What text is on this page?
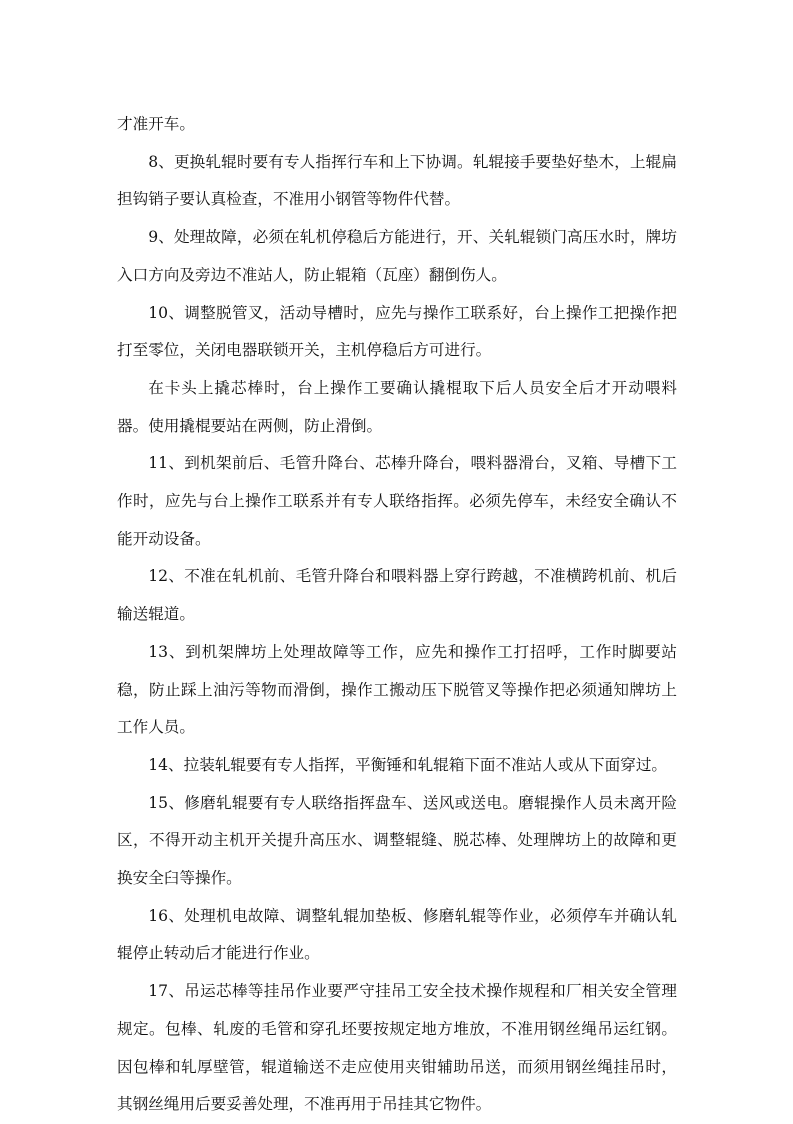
才准开车。

8、更换轧辊时要有专人指挥行车和上下协调。轧辊接手要垫好垫木，上辊扁担钩销子要认真检查，不准用小钢管等物件代替。

9、处理故障，必须在轧机停稳后方能进行，开、关轧辊锁门高压水时，牌坊入口方向及旁边不准站人，防止辊箱（瓦座）翻倒伤人。

10、调整脱管叉，活动导槽时，应先与操作工联系好，台上操作工把操作把打至零位，关闭电器联锁开关，主机停稳后方可进行。

在卡头上撬芯棒时，台上操作工要确认撬棍取下后人员安全后才开动喂料器。使用撬棍要站在两侧，防止滑倒。

11、到机架前后、毛管升降台、芯棒升降台，喂料器滑台，叉箱、导槽下工作时，应先与台上操作工联系并有专人联络指挥。必须先停车，未经安全确认不能开动设备。

12、不准在轧机前、毛管升降台和喂料器上穿行跨越，不准横跨机前、机后输送辊道。

13、到机架牌坊上处理故障等工作，应先和操作工打招呼，工作时脚要站稳，防止踩上油污等物而滑倒，操作工搬动压下脱管叉等操作把必须通知牌坊上工作人员。

14、拉装轧辊要有专人指挥，平衡锤和轧辊箱下面不准站人或从下面穿过。

15、修磨轧辊要有专人联络指挥盘车、送风或送电。磨辊操作人员未离开险区，不得开动主机开关提升高压水、调整辊缝、脱芯棒、处理牌坊上的故障和更换安全臼等操作。

16、处理机电故障、调整轧辊加垫板、修磨轧辊等作业，必须停车并确认轧辊停止转动后才能进行作业。

17、吊运芯棒等挂吊作业要严守挂吊工安全技术操作规程和厂相关安全管理规定。包棒、轧废的毛管和穿孔坯要按规定地方堆放，不准用钢丝绳吊运红钢。因包棒和轧厚壁管，辊道输送不走应使用夹钳辅助吊送，而须用钢丝绳挂吊时，其钢丝绳用后要妥善处理，不准再用于吊挂其它物件。
